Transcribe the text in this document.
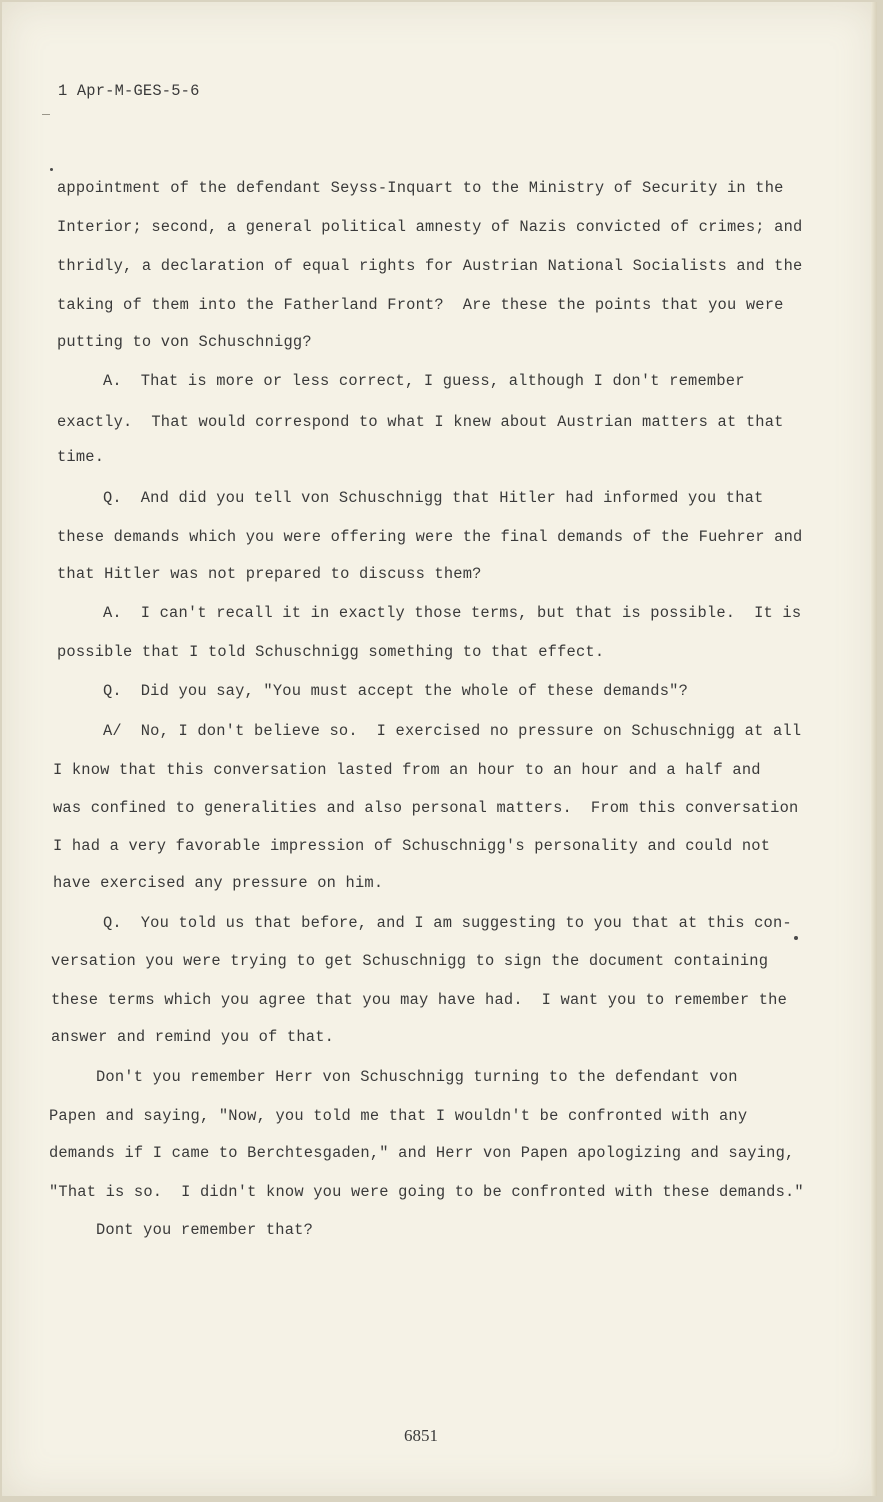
1 Apr-M-GES-5-6
appointment of the defendant Seyss-Inquart to the Ministry of Security in the
Interior; second, a general political amnesty of Nazis convicted of crimes; and
thridly, a declaration of equal rights for Austrian National Socialists and the
taking of them into the Fatherland Front?  Are these the points that you were
putting to von Schuschnigg?
A.  That is more or less correct, I guess, although I don't remember
exactly.  That would correspond to what I knew about Austrian matters at that
time.
Q.  And did you tell von Schuschnigg that Hitler had informed you that
these demands which you were offering were the final demands of the Fuehrer and
that Hitler was not prepared to discuss them?
A.  I can't recall it in exactly those terms, but that is possible.  It is
possible that I told Schuschnigg something to that effect.
Q.  Did you say, "You must accept the whole of these demands"?
A/  No, I don't believe so.  I exercised no pressure on Schuschnigg at all
I know that this conversation lasted from an hour to an hour and a half and
was confined to generalities and also personal matters.  From this conversation
I had a very favorable impression of Schuschnigg's personality and could not
have exercised any pressure on him.
Q.  You told us that before, and I am suggesting to you that at this con-
versation you were trying to get Schuschnigg to sign the document containing
these terms which you agree that you may have had.  I want you to remember the
answer and remind you of that.
Don't you remember Herr von Schuschnigg turning to the defendant von
Papen and saying, "Now, you told me that I wouldn't be confronted with any
demands if I came to Berchtesgaden," and Herr von Papen apologizing and saying,
"That is so.  I didn't know you were going to be confronted with these demands."
Dont you remember that?
6851
